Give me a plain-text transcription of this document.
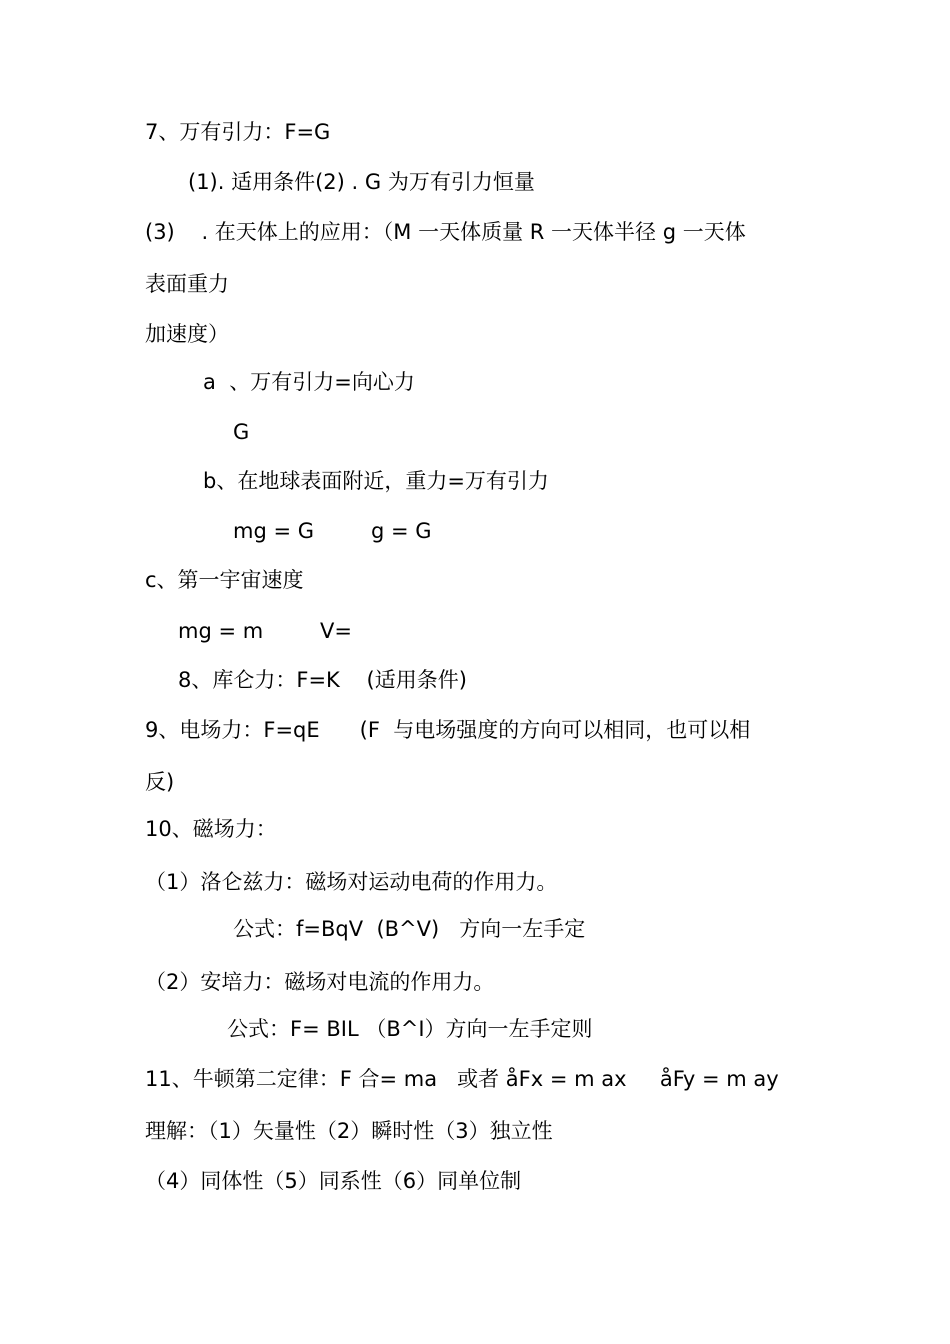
7、万有引力：F=G

(1). 适用条件(2) . G 为万有引力恒量

(3)    . 在天体上的应用：（M 一天体质量 R 一天体半径 g 一天体

表面重力

加速度）

a  、万有引力=向心力

G

b、在地球表面附近，重力=万有引力

mg = G	g = G

c、第一宇宙速度

mg = m	V=

8、库仑力：F=K    (适用条件)

9、电场力：F=qE      (F  与电场强度的方向可以相同，也可以相

反)

10、磁场力：

（1）洛仑兹力：磁场对运动电荷的作用力。

公式：f=BqV  (B^V)   方向一左手定

（2）安培力：磁场对电流的作用力。

公式：F= BIL （B^I）方向一左手定则

11、牛顿第二定律：F 合= ma   或者 åFx = m ax     åFy = m ay

理解：（1）矢量性（2）瞬时性（3）独立性

（4）同体性（5）同系性（6）同单位制
